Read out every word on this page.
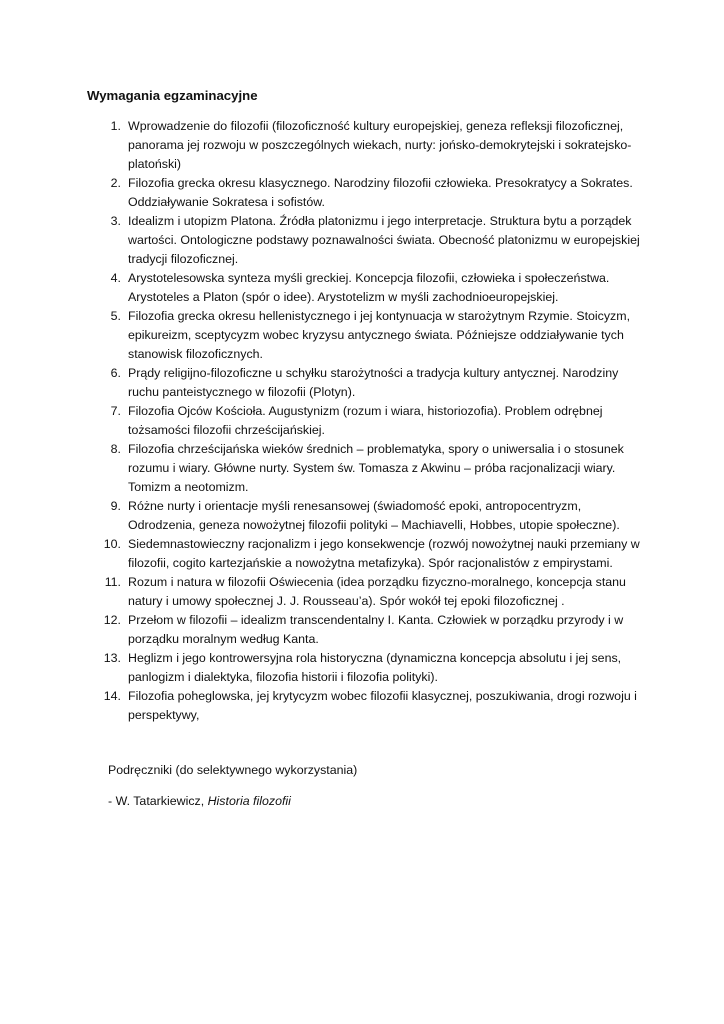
Wymagania egzaminacyjne
1. Wprowadzenie do filozofii (filozoficzność kultury europejskiej, geneza refleksji filozoficznej,
panorama jej rozwoju w poszczególnych wiekach, nurty: jońsko-demokrytejski i sokratejsko-
platoński)
2. Filozofia grecka okresu klasycznego. Narodziny filozofii człowieka. Presokratycy a Sokrates.
Oddziaływanie Sokratesa i sofistów.
3. Idealizm i utopizm Platona. Źródła platonizmu i jego interpretacje. Struktura bytu a porządek
wartości. Ontologiczne podstawy poznawalności świata. Obecność platonizmu w europejskiej
tradycji filozoficznej.
4. Arystotelesowska synteza myśli greckiej. Koncepcja filozofii, człowieka i społeczeństwa.
Arystoteles a Platon (spór o idee). Arystotelizm w myśli zachodnioeuropejskiej.
5. Filozofia grecka okresu hellenistycznego i jej kontynuacja w starożytnym Rzymie. Stoicyzm,
epikureizm, sceptycyzm wobec kryzysu antycznego świata. Późniejsze oddziaływanie tych
stanowisk filozoficznych.
6. Prądy religijno-filozoficzne u schyłku starożytności a tradycja kultury antycznej. Narodziny
ruchu panteistycznego w filozofii (Plotyn).
7. Filozofia Ojców Kościoła. Augustynizm (rozum i wiara, historiozofia). Problem odrębnej
tożsamości filozofii chrześcijańskiej.
8. Filozofia chrześcijańska wieków średnich – problematyka, spory o uniwersalia i o stosunek
rozumu i wiary. Główne nurty. System św. Tomasza z Akwinu – próba racjonalizacji wiary.
Tomizm a neotomizm.
9. Różne nurty i orientacje myśli renesansowej (świadomość epoki, antropocentryzm,
Odrodzenia, geneza nowożytnej filozofii polityki – Machiavelli, Hobbes, utopie społeczne).
10. Siedemnastowieczny racjonalizm i jego konsekwencje (rozwój nowożytnej nauki przemiany w
filozofii, cogito kartezjańskie a nowożytna metafizyka). Spór racjonalistów z empirystami.
11. Rozum i natura w filozofii Oświecenia (idea porządku fizyczno-moralnego, koncepcja stanu
natury i umowy społecznej J. J. Rousseau’a). Spór wokół tej epoki filozoficznej .
12. Przełom w filozofii – idealizm transcendentalny I. Kanta. Człowiek w porządku przyrody i w
porządku moralnym według Kanta.
13. Heglizm i jego kontrowersyjna rola historyczna (dynamiczna koncepcja absolutu i jej sens,
panlogizm i dialektyka, filozofia historii i filozofia polityki).
14. Filozofia poheglowska, jej krytycyzm wobec filozofii klasycznej, poszukiwania, drogi rozwoju i
perspektywy,
Podręczniki (do selektywnego wykorzystania)
- W. Tatarkiewicz, Historia filozofii
